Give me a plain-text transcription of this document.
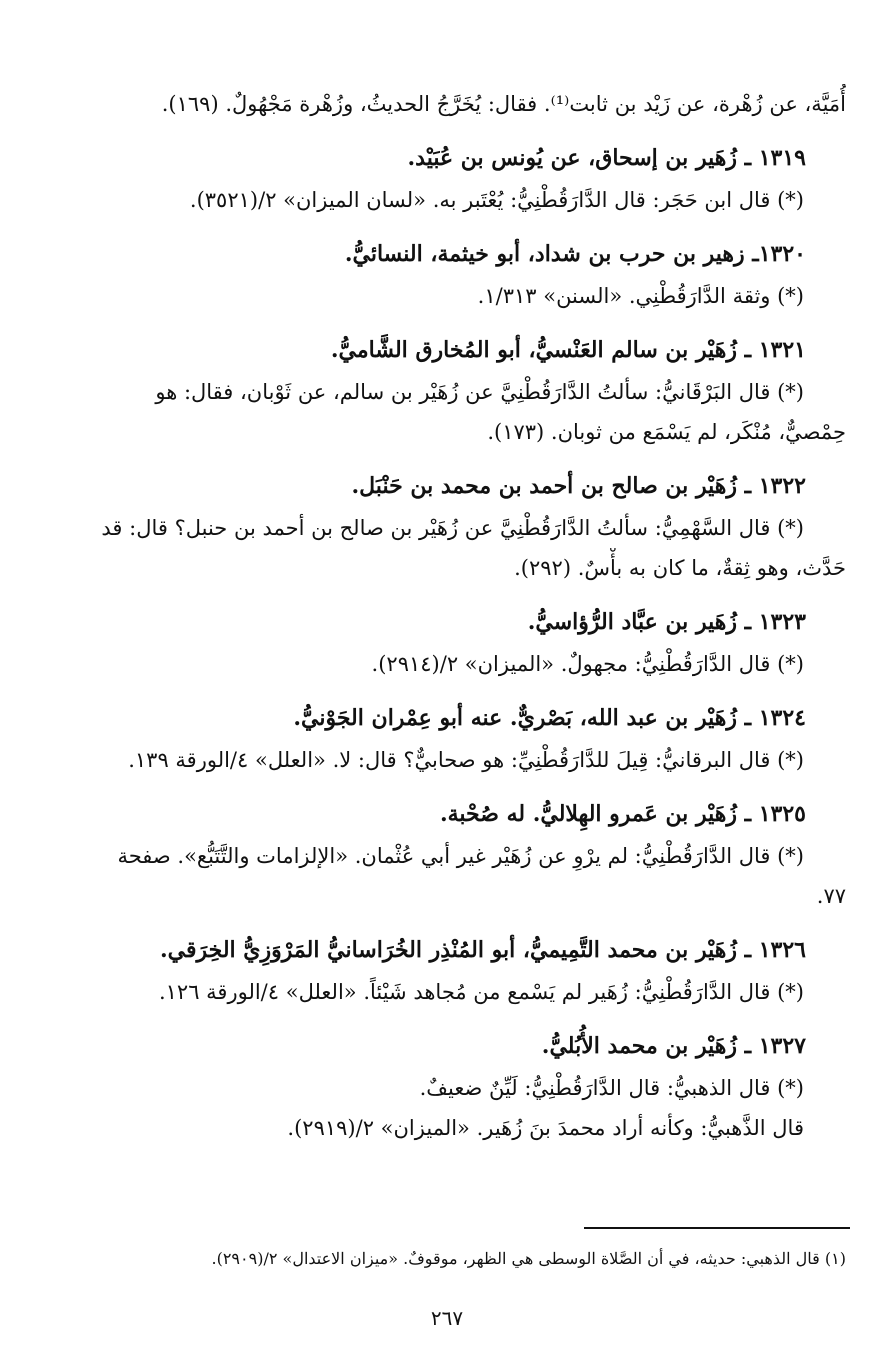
أُمَيَّة، عن زُهْرة، عن زَيْد بن ثابت⁽¹⁾. فقال: يُخَرَّجُ الحديثُ، وزُهْرة مَجْهُولٌ. (١٦٩).
١٣١٩ ـ زُهَير بن إسحاق، عن يُونس بن عُبَيْد.
(*) قال ابن حَجَر: قال الدَّارَقُطْنِيُّ: يُعْتَبر به. «لسان الميزان» ٢/(٣٥٢١).
١٣٢٠ـ زهير بن حرب بن شداد، أبو خيثمة، النسائيُّ.
(*) وثقة الدَّارَقُطْنِي. «السنن» ١/٣١٣.
١٣٢١ ـ زُهَيْر بن سالم العَنْسيُّ، أبو المُخارق الشَّاميُّ.
(*) قال البَرْقَانيُّ: سألتُ الدَّارَقُطْنِيَّ عن زُهَيْر بن سالم، عن ثَوْبان، فقال: هو
حِمْصيٌّ، مُنْكَر، لم يَسْمَع من ثوبان. (١٧٣).
١٣٢٢ ـ زُهَيْر بن صالح بن أحمد بن محمد بن حَنْبَل.
(*) قال السَّهْمِيُّ: سألتُ الدَّارَقُطْنِيَّ عن زُهَيْر بن صالح بن أحمد بن حنبل؟ قال: قد
حَدَّث، وهو ثِقةٌ، ما كان به بأْسٌ. (٢٩٢).
١٣٢٣ ـ زُهَير بن عبَّاد الرُّؤاسيُّ.
(*) قال الدَّارَقُطْنِيُّ: مجهولٌ. «الميزان» ٢/(٢٩١٤).
١٣٢٤ ـ زُهَيْر بن عبد الله، بَصْريٌّ. عنه أبو عِمْران الجَوْنيُّ.
(*) قال البرقانيُّ: قِيلَ للدَّارَقُطْنِيِّ: هو صحابيٌّ؟ قال: لا. «العلل» ٤/الورقة ١٣٩.
١٣٢٥ ـ زُهَيْر بن عَمرو الهِلاليُّ. له صُحْبة.
(*) قال الدَّارَقُطْنِيُّ: لم يرْوِ عن زُهَيْر غير أبي عُثْمان. «الإلزامات والتَّتَبُّع». صفحة
٧٧.
١٣٢٦ ـ زُهَيْر بن محمد التَّمِيميُّ، أبو المُنْذِر الخُرَاسانيُّ المَرْوَزِيُّ الخِرَقي.
(*) قال الدَّارَقُطْنِيُّ: زُهَير لم يَسْمع من مُجاهد شَيْئاً. «العلل» ٤/الورقة ١٢٦.
١٣٢٧ ـ زُهَيْر بن محمد الأُبُليُّ.
(*) قال الذهبيُّ: قال الدَّارَقُطْنِيُّ: لَيِّنٌ ضعيفٌ.
قال الذَّهبيُّ: وكأنه أراد محمدَ بنَ زُهَير. «الميزان» ٢/(٢٩١٩).
(١) قال الذهبي: حديثه، في أن الصَّلاة الوسطى هي الظهر، موقوفٌ. «ميزان الاعتدال» ٢/(٢٩٠٩).
٢٦٧
